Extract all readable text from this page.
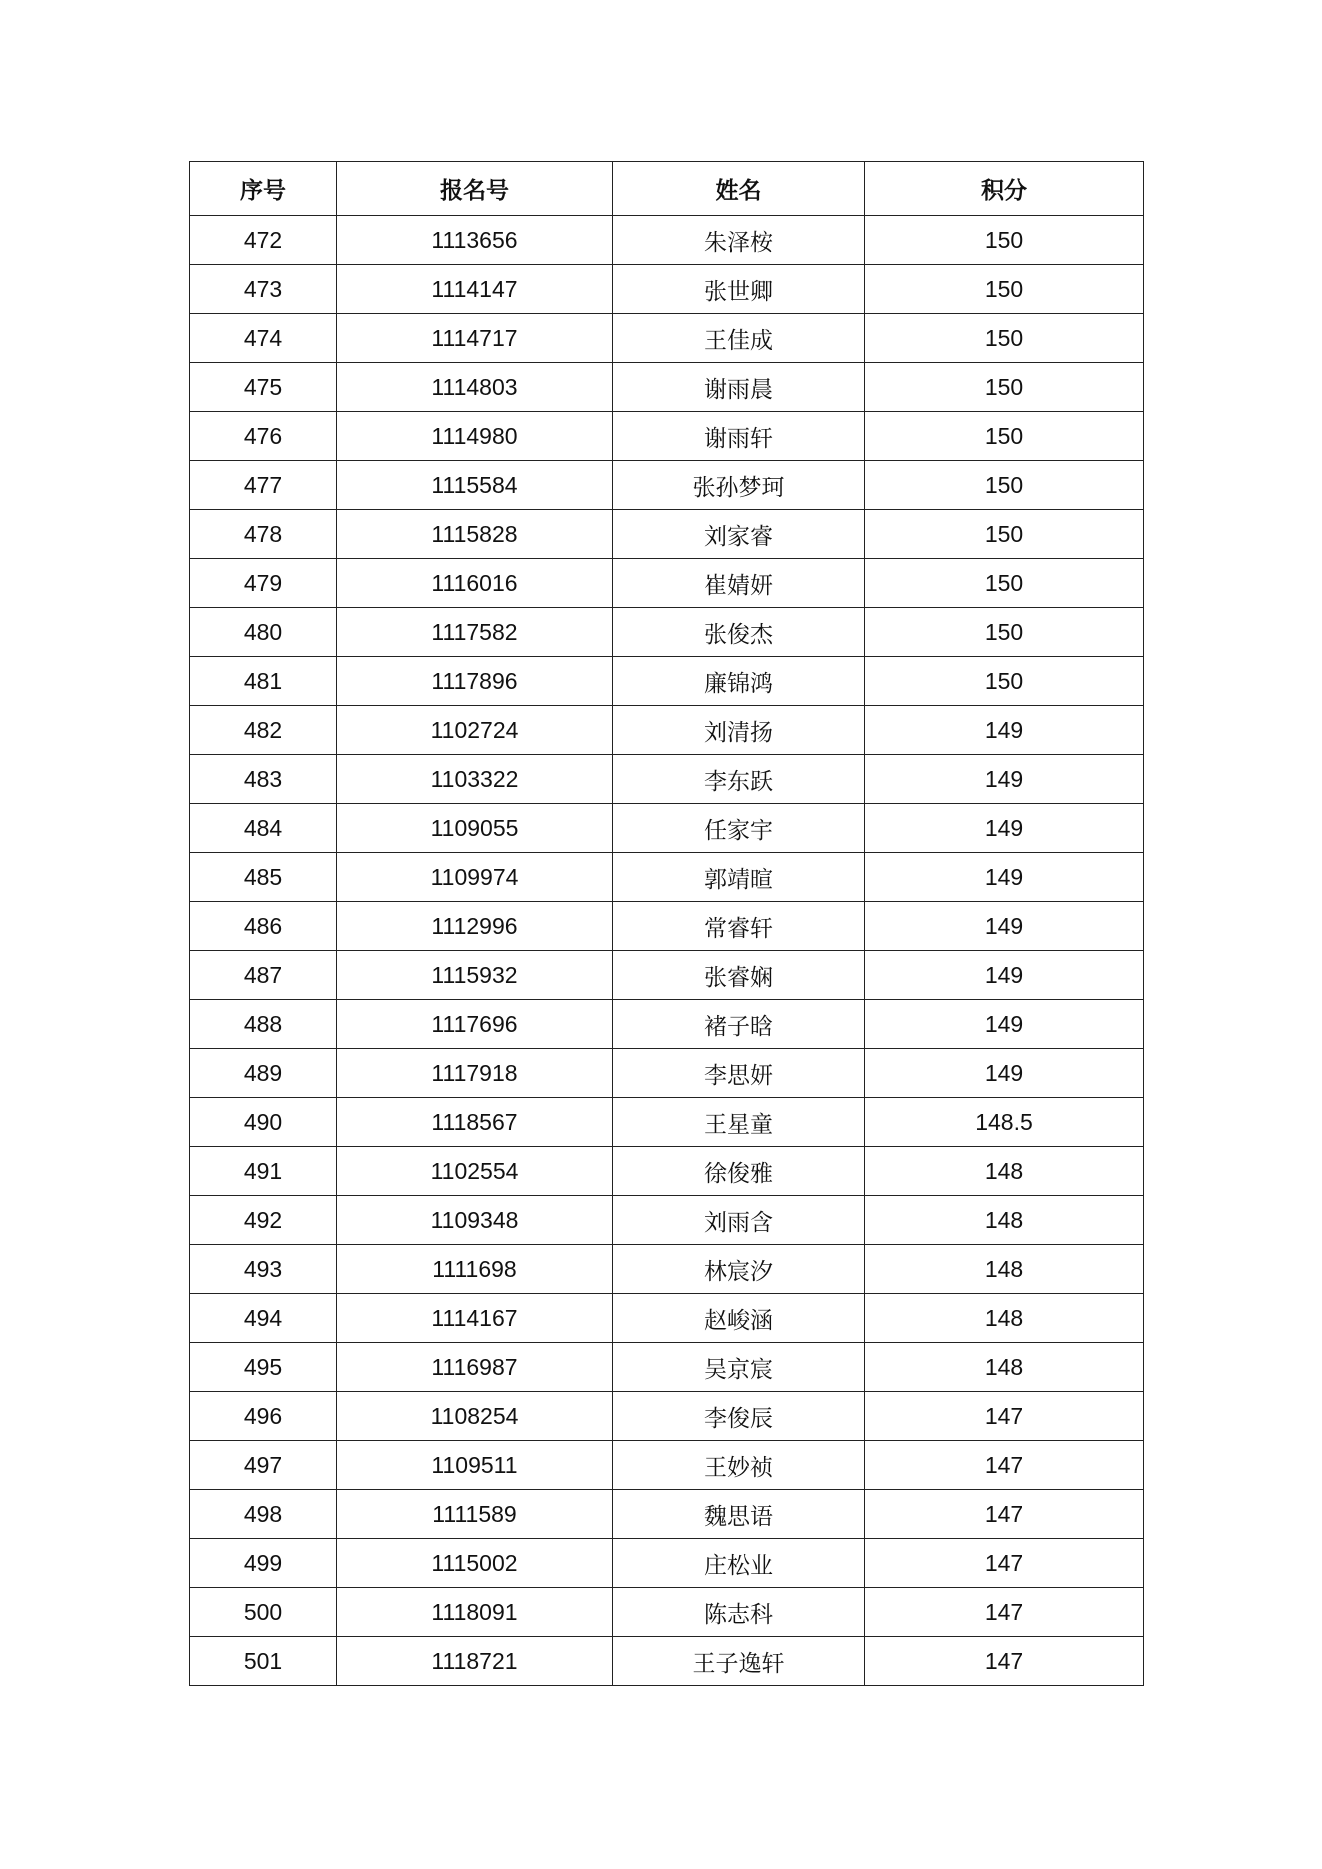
序号	报名号	姓名	积分
472	1113656	朱泽桉	150
473	1114147	张世卿	150
474	1114717	王佳成	150
475	1114803	谢雨晨	150
476	1114980	谢雨轩	150
477	1115584	张孙梦珂	150
478	1115828	刘家睿	150
479	1116016	崔婧妍	150
480	1117582	张俊杰	150
481	1117896	廉锦鸿	150
482	1102724	刘清扬	149
483	1103322	李东跃	149
484	1109055	任家宇	149
485	1109974	郭靖暄	149
486	1112996	常睿轩	149
487	1115932	张睿娴	149
488	1117696	褚子晗	149
489	1117918	李思妍	149
490	1118567	王星童	148.5
491	1102554	徐俊雅	148
492	1109348	刘雨含	148
493	1111698	林宸汐	148
494	1114167	赵峻涵	148
495	1116987	吴京宸	148
496	1108254	李俊辰	147
497	1109511	王妙祯	147
498	1111589	魏思语	147
499	1115002	庄松业	147
500	1118091	陈志科	147
501	1118721	王子逸轩	147
